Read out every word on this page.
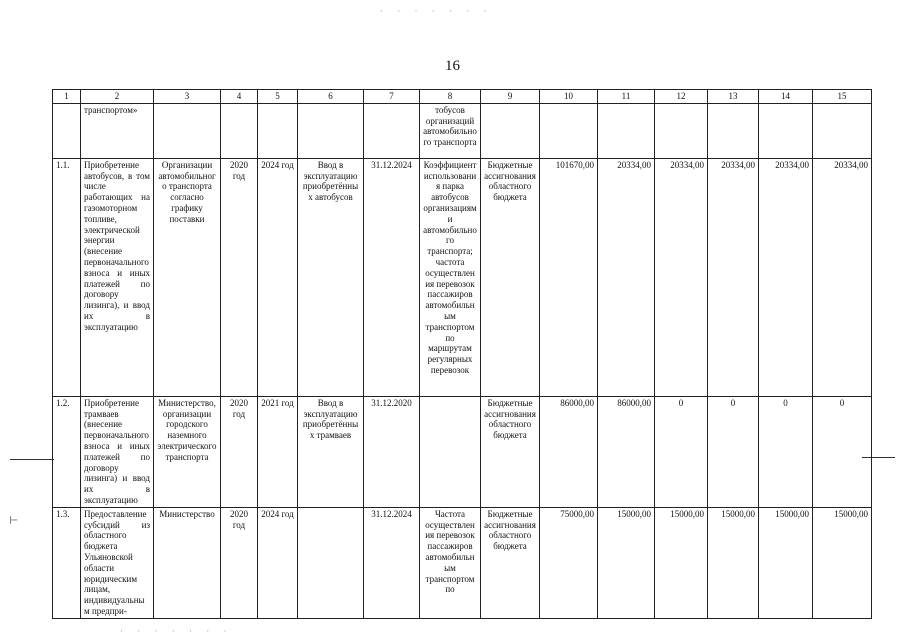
16
· · · · · · ·
⊢
· · · · · · ·
1	2	3	4	5	6	7	8	9	10	11	12	13	14	15
	транспортом»						тобусов организаций автомобильного транспорта							
1.1.	Приобретение автобусов, в том числе работающих на газомоторном топливе, электрической энергии (внесение первоначального взноса и иных платежей по договору лизинга), и ввод их в эксплуатацию	Организации автомобильного транспорта согласно графику поставки	2020 год	2024 год	Ввод в эксплуатацию приобретённых автобусов	31.12.2024	Коэффициент использования парка автобусов организациями автомобильного транспорта; частота осуществления перевозок пассажиров автомобильным транспортом по маршрутам регулярных перевозок	Бюджетные ассигнования областного бюджета	101670,00	20334,00	20334,00	20334,00	20334,00	20334,00
1.2.	Приобретение трамваев (внесение первоначального взноса и иных платежей по договору лизинга) и ввод их в эксплуатацию	Министерство, организации городского наземного электрического транспорта	2020 год	2021 год	Ввод в эксплуатацию приобретённых трамваев	31.12.2020		Бюджетные ассигнования областного бюджета	86000,00	86000,00	0	0	0	0
1.3.	Предоставление субсидий из областного бюджета Ульяновской области юридическим лицам, индивидуальным предпри-	Министерство	2020 год	2024 год		31.12.2024	Частота осуществления перевозок пассажиров автомобильным транспортом по	Бюджетные ассигнования областного бюджета	75000,00	15000,00	15000,00	15000,00	15000,00	15000,00
